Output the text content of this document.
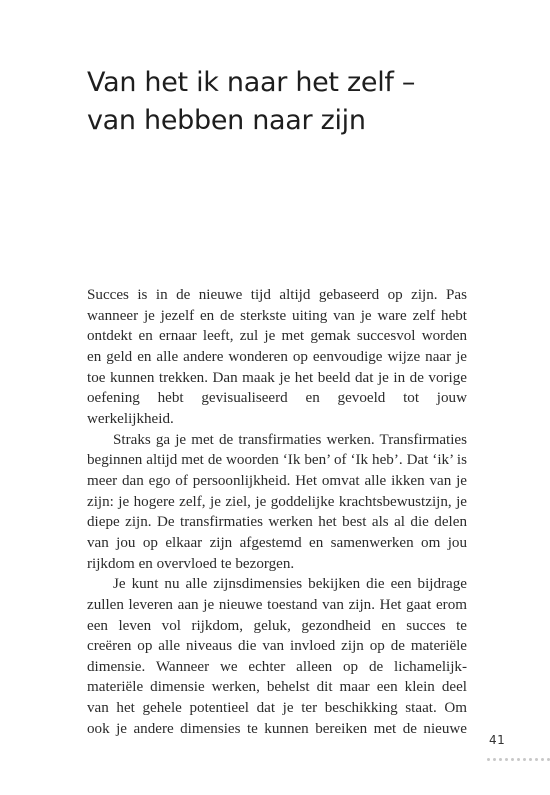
Van het ik naar het zelf –
van hebben naar zijn

Succes is in de nieuwe tijd altijd gebaseerd op zijn. Pas
wanneer je jezelf en de sterkste uiting van je ware zelf hebt
ontdekt en ernaar leeft, zul je met gemak succesvol worden
en geld en alle andere wonderen op eenvoudige wijze naar je
toe kunnen trekken. Dan maak je het beeld dat je in de vorige
oefening hebt gevisualiseerd en gevoeld tot jouw
werkelijkheid.

Straks ga je met de transfirmaties werken. Transfirmaties
beginnen altijd met de woorden ‘Ik ben’ of ‘Ik heb’. Dat ‘ik’ is
meer dan ego of persoonlijkheid. Het omvat alle ikken van je
zijn: je hogere zelf, je ziel, je goddelijke krachtsbewustzijn, je
diepe zijn. De transfirmaties werken het best als al die delen
van jou op elkaar zijn afgestemd en samenwerken om jou
rijkdom en overvloed te bezorgen.

Je kunt nu alle zijnsdimensies bekijken die een bijdrage
zullen leveren aan je nieuwe toestand van zijn. Het gaat erom
een leven vol rijkdom, geluk, gezondheid en succes te
creëren op alle niveaus die van invloed zijn op de materiële
dimensie. Wanneer we echter alleen op de lichamelijk-
materiële dimensie werken, behelst dit maar een klein deel
van het gehele potentieel dat je ter beschikking staat. Om
ook je andere dimensies te kunnen bereiken met de nieuwe

41
